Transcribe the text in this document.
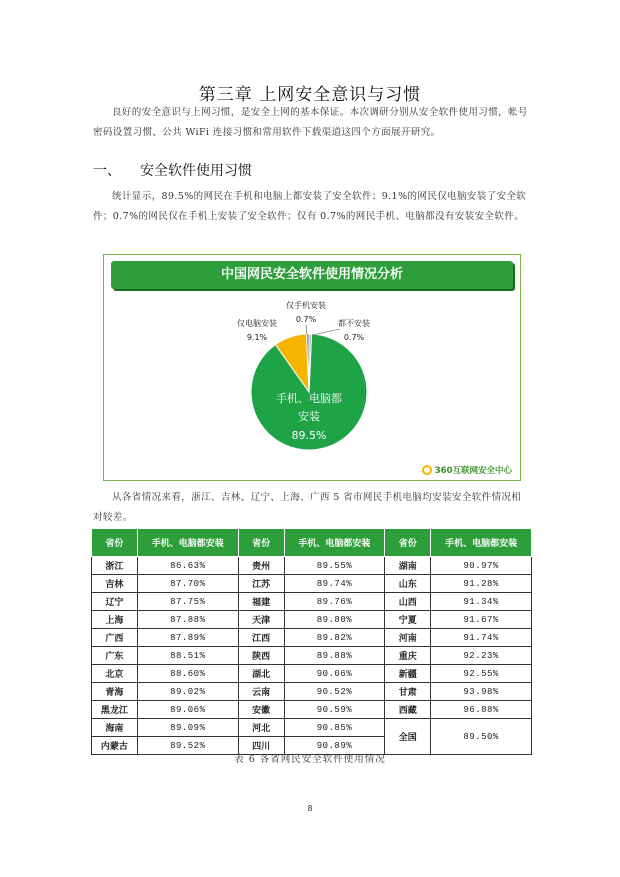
第三章 上网安全意识与习惯

良好的安全意识与上网习惯，是安全上网的基本保证。本次调研分别从安全软件使用习惯，帐号密码设置习惯、公共 WiFi 连接习惯和常用软件下载渠道这四个方面展开研究。

一、 安全软件使用习惯

统计显示，89.5%的网民在手机和电脑上都安装了安全软件；9.1%的网民仅电脑安装了安全软件；0.7%的网民仅在手机上安装了安全软件；仅有 0.7%的网民手机、电脑都没有安装安全软件。

中国网民安全软件使用情况分析
手机、电脑都
安装
89.5%
仅电脑安装
9.1%
仅手机安装
0.7%	都不安装
0.7%
360互联网安全中心

从各省情况来看，浙江、吉林、辽宁、上海、广西 5 省市网民手机电脑均安装安全软件情况相对较差。

省份	手机、电脑都安装	省份	手机、电脑都安装	省份	手机、电脑都安装
浙江	86.63%	贵州	89.55%	湖南	90.97%
吉林	87.70%	江苏	89.74%	山东	91.28%
辽宁	87.75%	福建	89.76%	山西	91.34%
上海	87.88%	天津	89.80%	宁夏	91.67%
广西	87.89%	江西	89.82%	河南	91.74%
广东	88.51%	陕西	89.88%	重庆	92.23%
北京	88.60%	湖北	90.06%	新疆	92.55%
青海	89.02%	云南	90.52%	甘肃	93.98%
黑龙江	89.06%	安徽	90.59%	西藏	96.88%
海南	89.09%	河北	90.85%	全国	89.50%
内蒙古	89.52%	四川	90.89%		
表 6 各省网民安全软件使用情况
8
